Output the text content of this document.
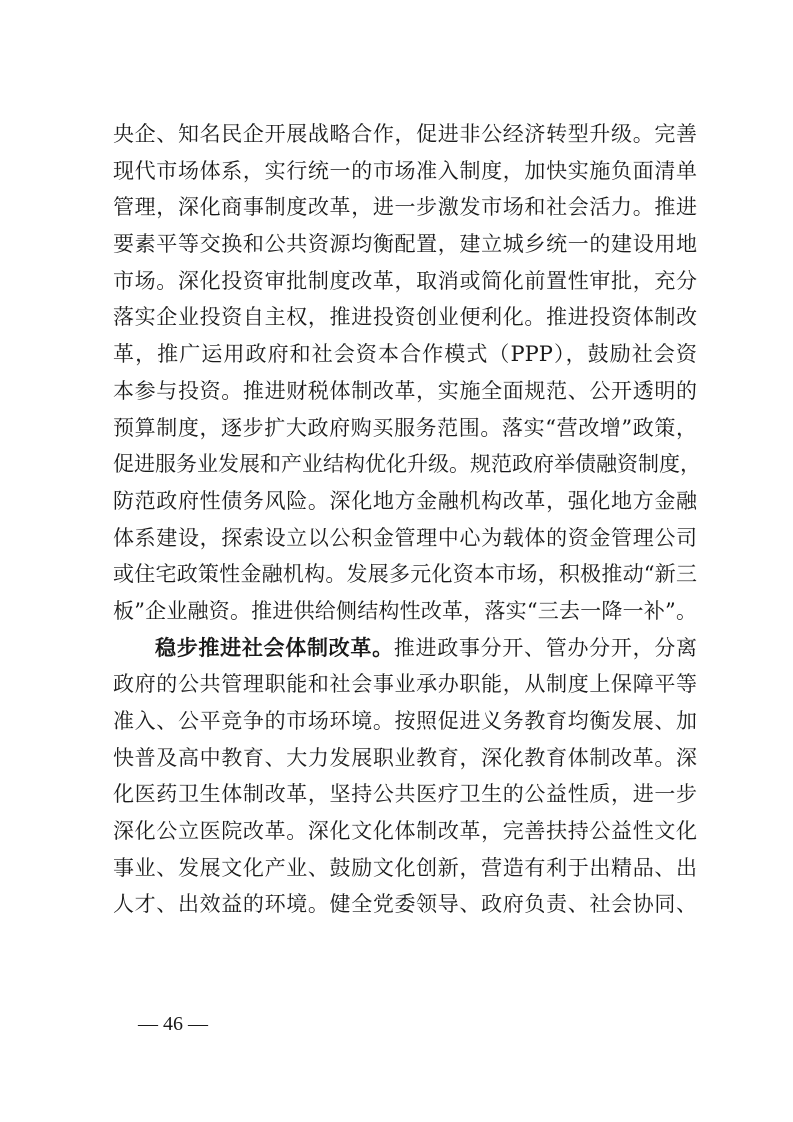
央企、知名民企开展战略合作，促进非公经济转型升级。完善
现代市场体系，实行统一的市场准入制度，加快实施负面清单
管理，深化商事制度改革，进一步激发市场和社会活力。推进
要素平等交换和公共资源均衡配置，建立城乡统一的建设用地
市场。深化投资审批制度改革，取消或简化前置性审批，充分
落实企业投资自主权，推进投资创业便利化。推进投资体制改
革，推广运用政府和社会资本合作模式（PPP），鼓励社会资
本参与投资。推进财税体制改革，实施全面规范、公开透明的
预算制度，逐步扩大政府购买服务范围。落实“营改增”政策，
促进服务业发展和产业结构优化升级。规范政府举债融资制度，
防范政府性债务风险。深化地方金融机构改革，强化地方金融
体系建设，探索设立以公积金管理中心为载体的资金管理公司
或住宅政策性金融机构。发展多元化资本市场，积极推动“新三
板”企业融资。推进供给侧结构性改革，落实“三去一降一补”。
稳步推进社会体制改革。推进政事分开、管办分开，分离
政府的公共管理职能和社会事业承办职能，从制度上保障平等
准入、公平竞争的市场环境。按照促进义务教育均衡发展、加
快普及高中教育、大力发展职业教育，深化教育体制改革。深
化医药卫生体制改革，坚持公共医疗卫生的公益性质，进一步
深化公立医院改革。深化文化体制改革，完善扶持公益性文化
事业、发展文化产业、鼓励文化创新，营造有利于出精品、出
人才、出效益的环境。健全党委领导、政府负责、社会协同、
— 46 —
